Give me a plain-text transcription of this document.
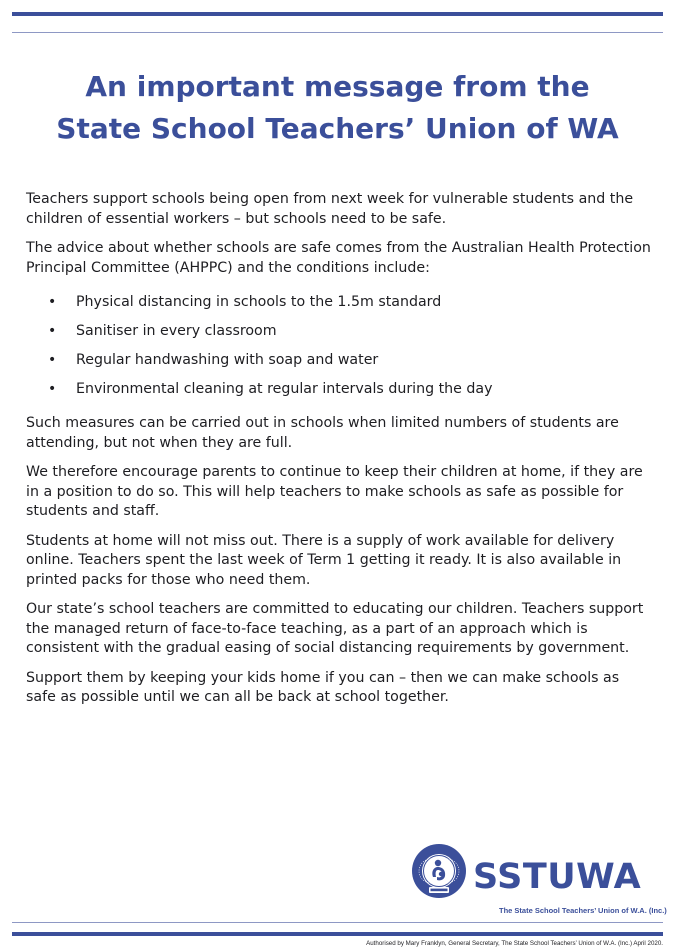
An important message from the
State School Teachers’ Union of WA

Teachers support schools being open from next week for vulnerable students and the children of essential workers – but schools need to be safe.

The advice about whether schools are safe comes from the Australian Health Protection Principal Committee (AHPPC) and the conditions include:

• Physical distancing in schools to the 1.5m standard
• Sanitiser in every classroom
• Regular handwashing with soap and water
• Environmental cleaning at regular intervals during the day

Such measures can be carried out in schools when limited numbers of students are attending, but not when they are full.

We therefore encourage parents to continue to keep their children at home, if they are in a position to do so. This will help teachers to make schools as safe as possible for students and staff.

Students at home will not miss out. There is a supply of work available for delivery online. Teachers spent the last week of Term 1 getting it ready. It is also available in printed packs for those who need them.

Our state’s school teachers are committed to educating our children. Teachers support the managed return of face-to-face teaching, as a part of an approach which is consistent with the gradual easing of social distancing requirements by government.

Support them by keeping your kids home if you can – then we can make schools as safe as possible until we can all be back at school together.

SSTUWA
The State School Teachers’ Union of W.A. (Inc.)
Authorised by Mary Franklyn, General Secretary, The State School Teachers’ Union of W.A. (Inc.) April 2020.
